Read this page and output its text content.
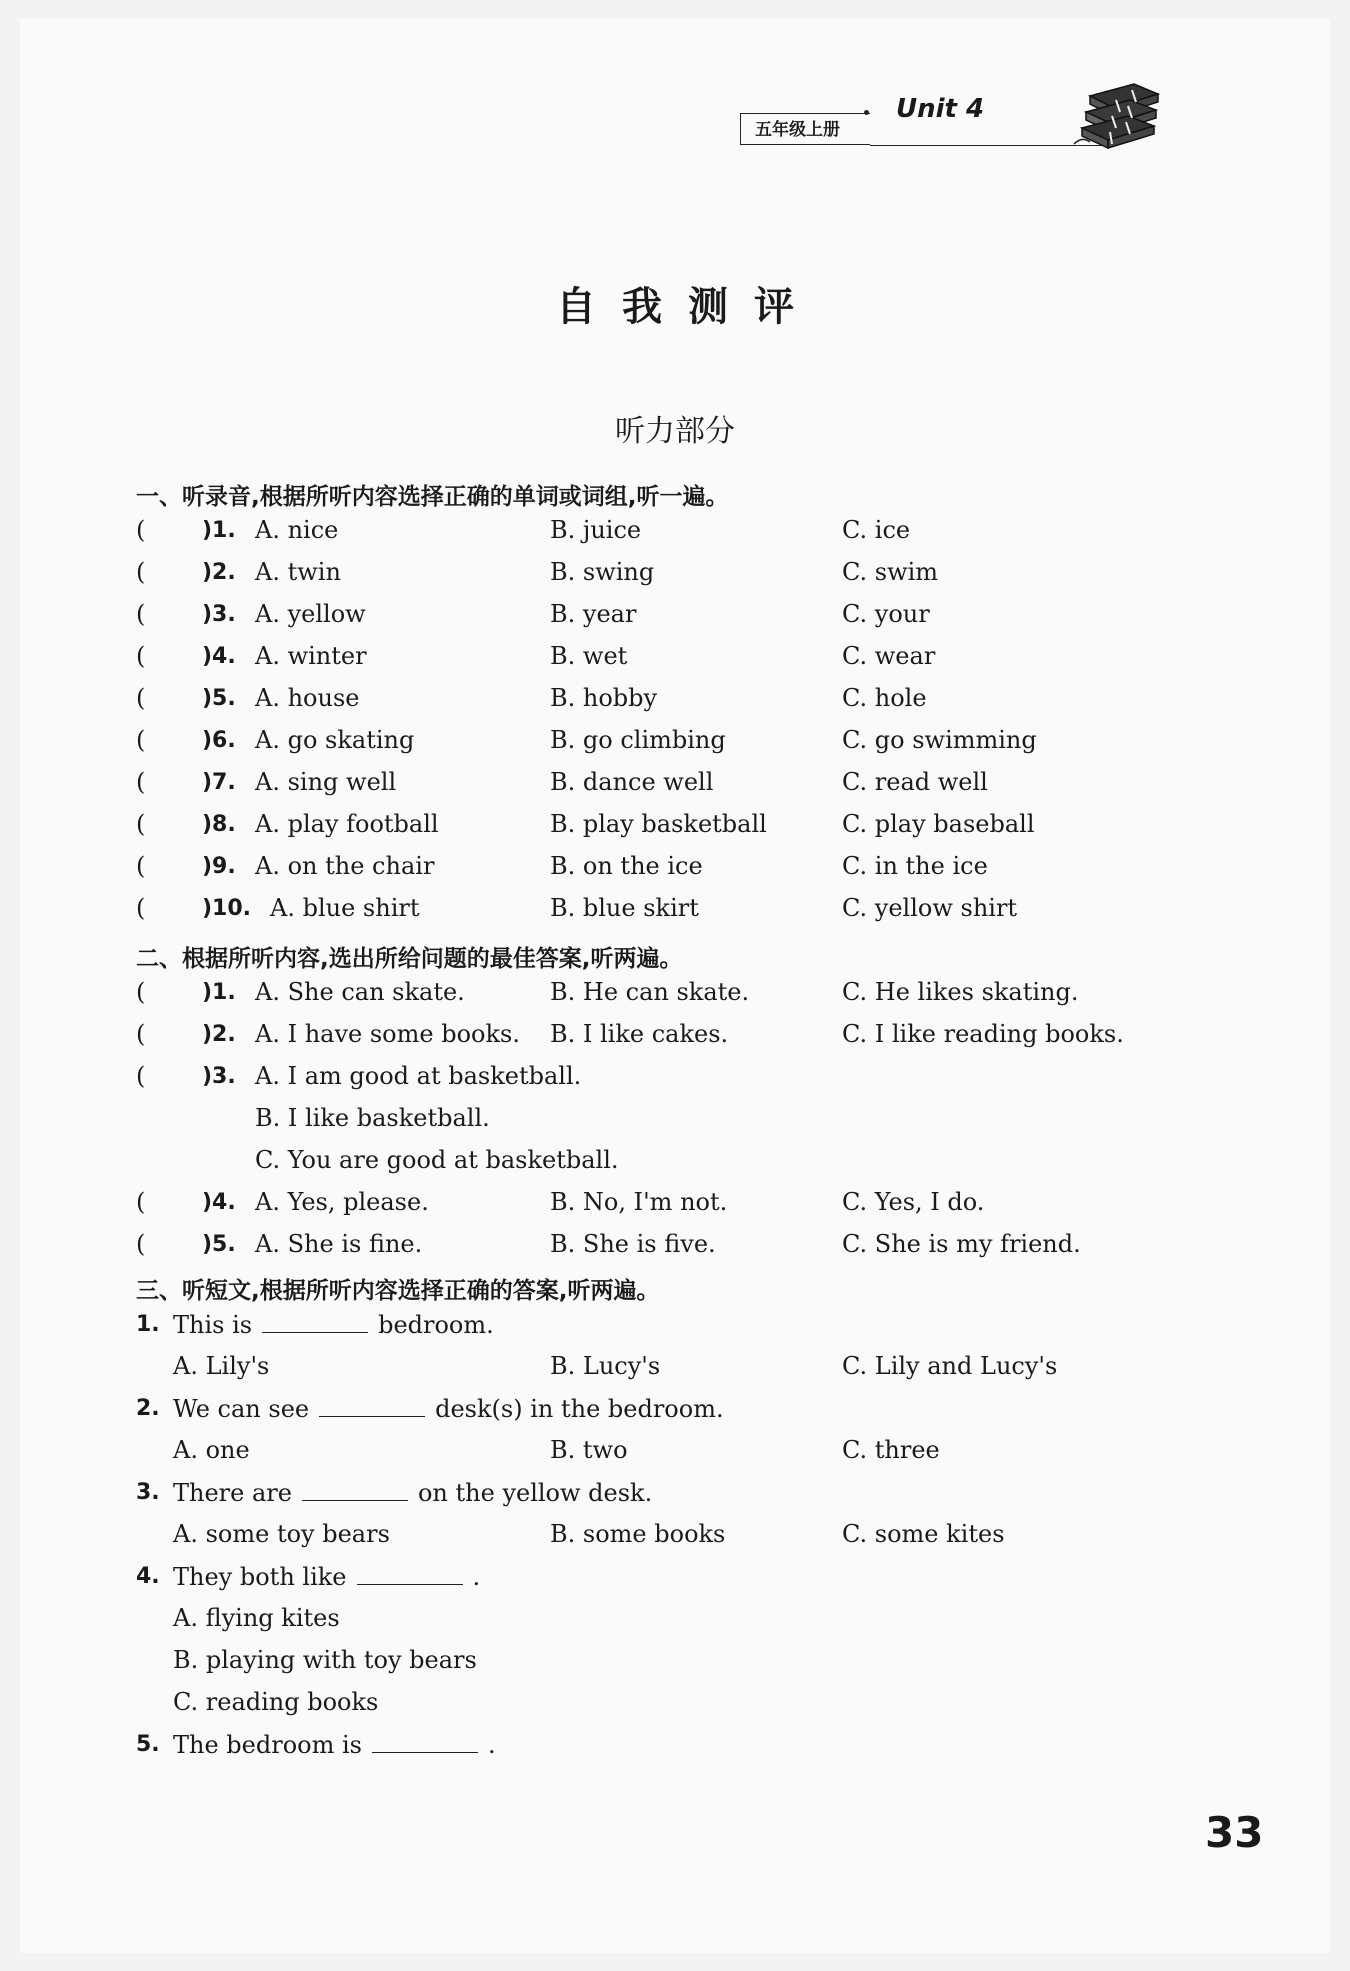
五年级上册
Unit 4
自我测评
听力部分
一、听录音,根据所听内容选择正确的单词或词组,听一遍。
(	)1. A. nice	B. juice	C. ice
(	)2. A. twin	B. swing	C. swim
(	)3. A. yellow	B. year	C. your
(	)4. A. winter	B. wet	C. wear
(	)5. A. house	B. hobby	C. hole
(	)6. A. go skating	B. go climbing	C. go swimming
(	)7. A. sing well	B. dance well	C. read well
(	)8. A. play football	B. play basketball	C. play baseball
(	)9. A. on the chair	B. on the ice	C. in the ice
(	)10. A. blue shirt	B. blue skirt	C. yellow shirt
二、根据所听内容,选出所给问题的最佳答案,听两遍。
(	)1. A. She can skate.	B. He can skate.	C. He likes skating.
(	)2. A. I have some books. B. I like cakes.	C. I like reading books.
(	)3. A. I am good at basketball.
B. I like basketball.
C. You are good at basketball.
(	)4. A. Yes, please.	B. No, I'm not.	C. Yes, I do.
(	)5. A. She is fine.	B. She is five.	C. She is my friend.
三、听短文,根据所听内容选择正确的答案,听两遍。
1. This is	bedroom.
A. Lily's	B. Lucy's	C. Lily and Lucy's
2. We can see	desk(s) in the bedroom.
A. one	B. two	C. three
3. There are	on the yellow desk.
A. some toy bears	B. some books	C. some kites
4. They both like	.
A. flying kites
B. playing with toy bears
C. reading books
5. The bedroom is	.
33
